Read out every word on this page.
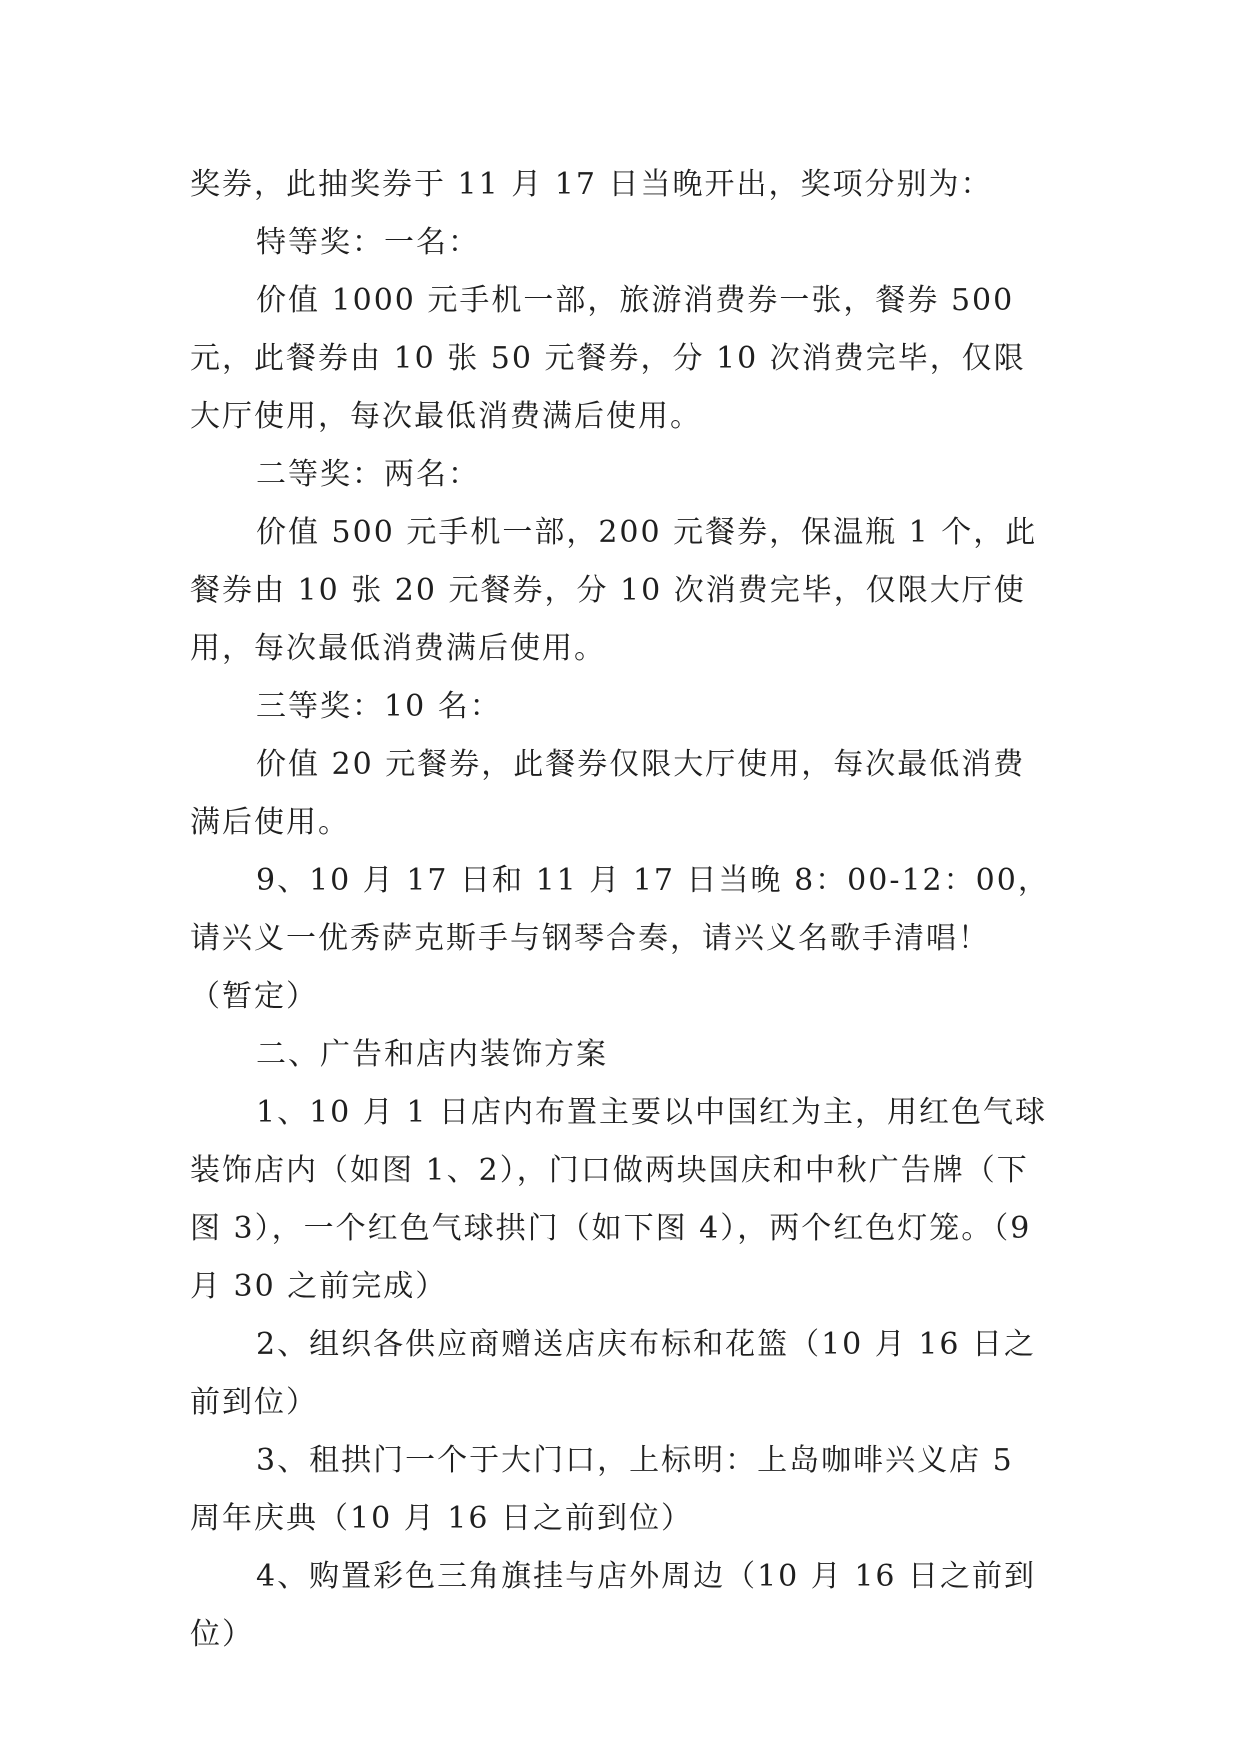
奖券，此抽奖券于 11 月 17 日当晚开出，奖项分别为：

特等奖：一名：

价值 1000 元手机一部，旅游消费券一张，餐券 500 元，此餐券由 10 张 50 元餐券，分 10 次消费完毕，仅限大厅使用，每次最低消费满后使用。

二等奖：两名：

价值 500 元手机一部，200 元餐券，保温瓶 1 个，此餐券由 10 张 20 元餐券，分 10 次消费完毕，仅限大厅使用，每次最低消费满后使用。

三等奖：10 名：

价值 20 元餐券，此餐券仅限大厅使用，每次最低消费满后使用。

9、10 月 17 日和 11 月 17 日当晚 8：00-12：00，请兴义一优秀萨克斯手与钢琴合奏，请兴义名歌手清唱！（暂定）

二、广告和店内装饰方案

1、10 月 1 日店内布置主要以中国红为主，用红色气球装饰店内（如图 1、2），门口做两块国庆和中秋广告牌（下图 3），一个红色气球拱门（如下图 4），两个红色灯笼。（9 月 30 之前完成）

2、组织各供应商赠送店庆布标和花篮（10 月 16 日之前到位）

3、租拱门一个于大门口，上标明：上岛咖啡兴义店 5 周年庆典（10 月 16 日之前到位）

4、购置彩色三角旗挂与店外周边（10 月 16 日之前到位）
